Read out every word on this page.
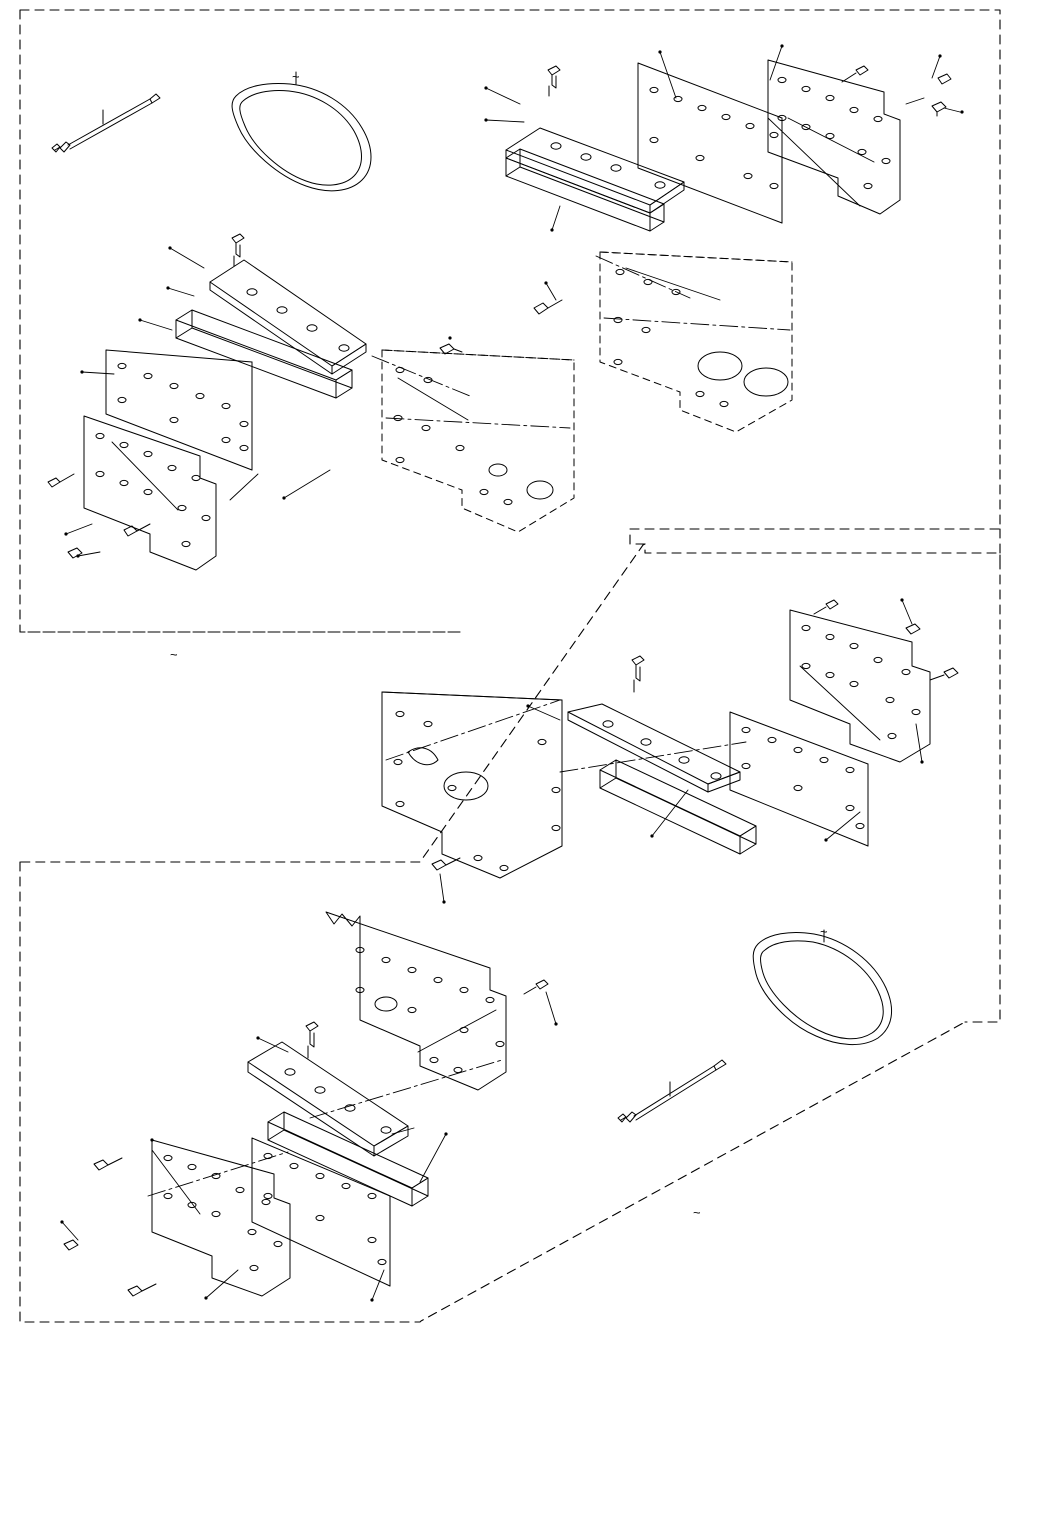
~
~
~
~
